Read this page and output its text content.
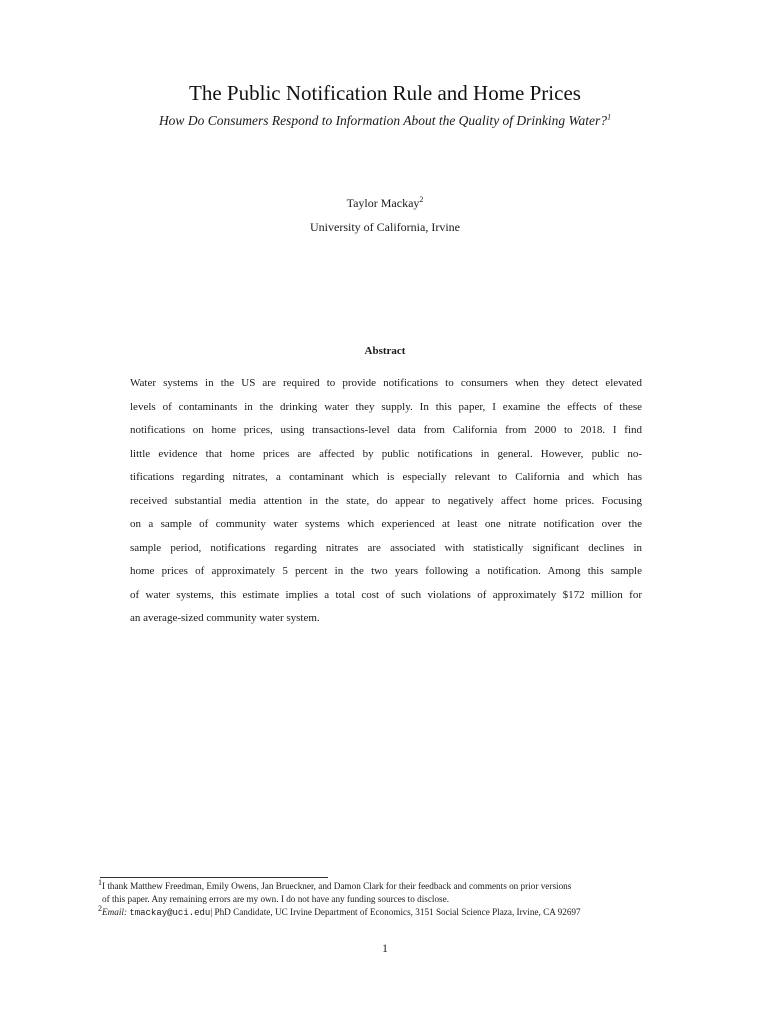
The Public Notification Rule and Home Prices
How Do Consumers Respond to Information About the Quality of Drinking Water?$^1$
Taylor Mackay$^2$
University of California, Irvine
Abstract
Water systems in the US are required to provide notifications to consumers when they detect elevated
levels of contaminants in the drinking water they supply. In this paper, I examine the effects of these
notifications on home prices, using transactions-level data from California from 2000 to 2018. I find
little evidence that home prices are affected by public notifications in general. However, public no-
tifications regarding nitrates, a contaminant which is especially relevant to California and which has
received substantial media attention in the state, do appear to negatively affect home prices. Focusing
on a sample of community water systems which experienced at least one nitrate notification over the
sample period, notifications regarding nitrates are associated with statistically significant declines in
home prices of approximately 5 percent in the two years following a notification. Among this sample
of water systems, this estimate implies a total cost of such violations of approximately $172 million for
an average-sized community water system.
$^1$I thank Matthew Freedman, Emily Owens, Jan Brueckner, and Damon Clark for their feedback and comments on prior versions
of this paper. Any remaining errors are my own. I do not have any funding sources to disclose.
$^2$Email: tmackay@uci.edu| PhD Candidate, UC Irvine Department of Economics, 3151 Social Science Plaza, Irvine, CA 92697
1
